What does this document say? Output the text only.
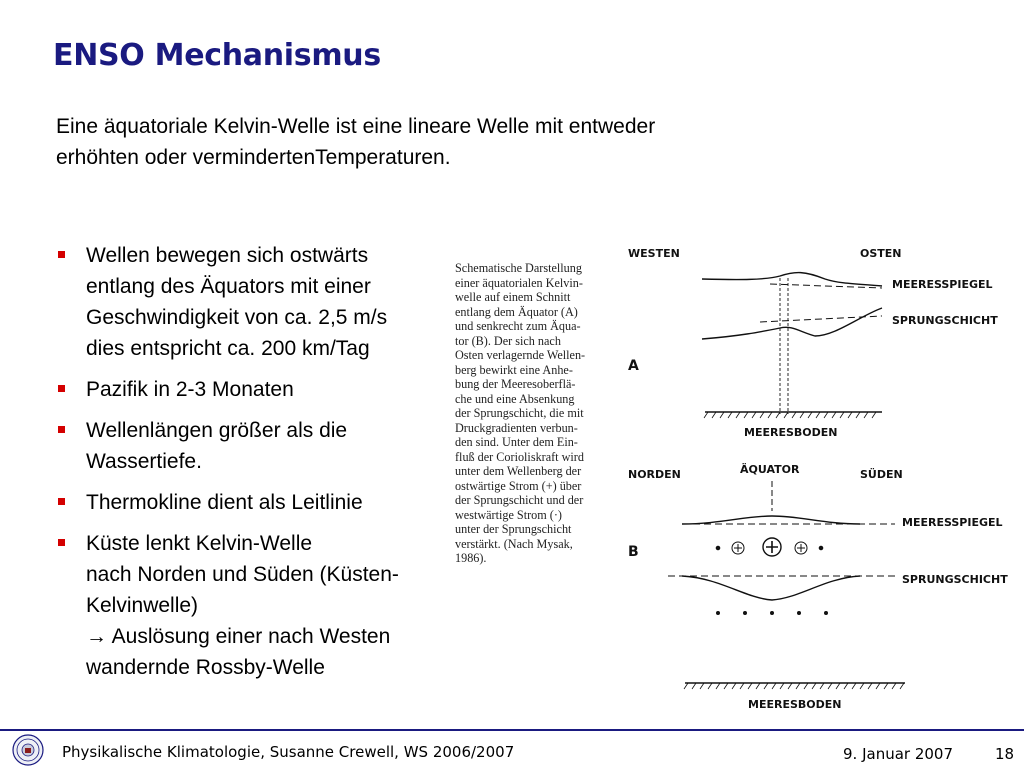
ENSO Mechanismus
Eine äquatoriale Kelvin-Welle ist eine lineare Welle mit entweder
erhöhten oder vermindertenTemperaturen.
Wellen bewegen sich ostwärts
entlang des Äquators mit einer
Geschwindigkeit von ca. 2,5 m/s
dies entspricht ca. 200 km/Tag
Pazifik in 2-3 Monaten
Wellenlängen größer als die
Wassertiefe.
Thermokline dient als Leitlinie
Küste lenkt Kelvin-Welle
nach Norden und Süden (Küsten-
Kelvinwelle)
→ Auslösung einer nach Westen
wandernde Rossby-Welle
Schematische Darstellung
einer äquatorialen Kelvin-
welle auf einem Schnitt
entlang dem Äquator (A)
und senkrecht zum Äqua-
tor (B). Der sich nach
Osten verlagernde Wellen-
berg bewirkt eine Anhe-
bung der Meeresoberflä-
che und eine Absenkung
der Sprungschicht, die mit
Druckgradienten verbun-
den sind. Unter dem Ein-
fluß der Corioliskraft wird
unter dem Wellenberg der
ostwärtige Strom (+) über
der Sprungschicht und der
westwärtige Strom (·)
unter der Sprungschicht
verstärkt. (Nach Mysak,
1986).
WESTEN	OSTEN
MEERESSPIEGEL
SPRUNGSCHICHT
A
MEERESBODEN
NORDEN	ÄQUATOR	SÜDEN
MEERESSPIEGEL
SPRUNGSCHICHT
B
MEERESBODEN
Physikalische Klimatologie, Susanne Crewell, WS 2006/2007	9. Januar 2007	18
